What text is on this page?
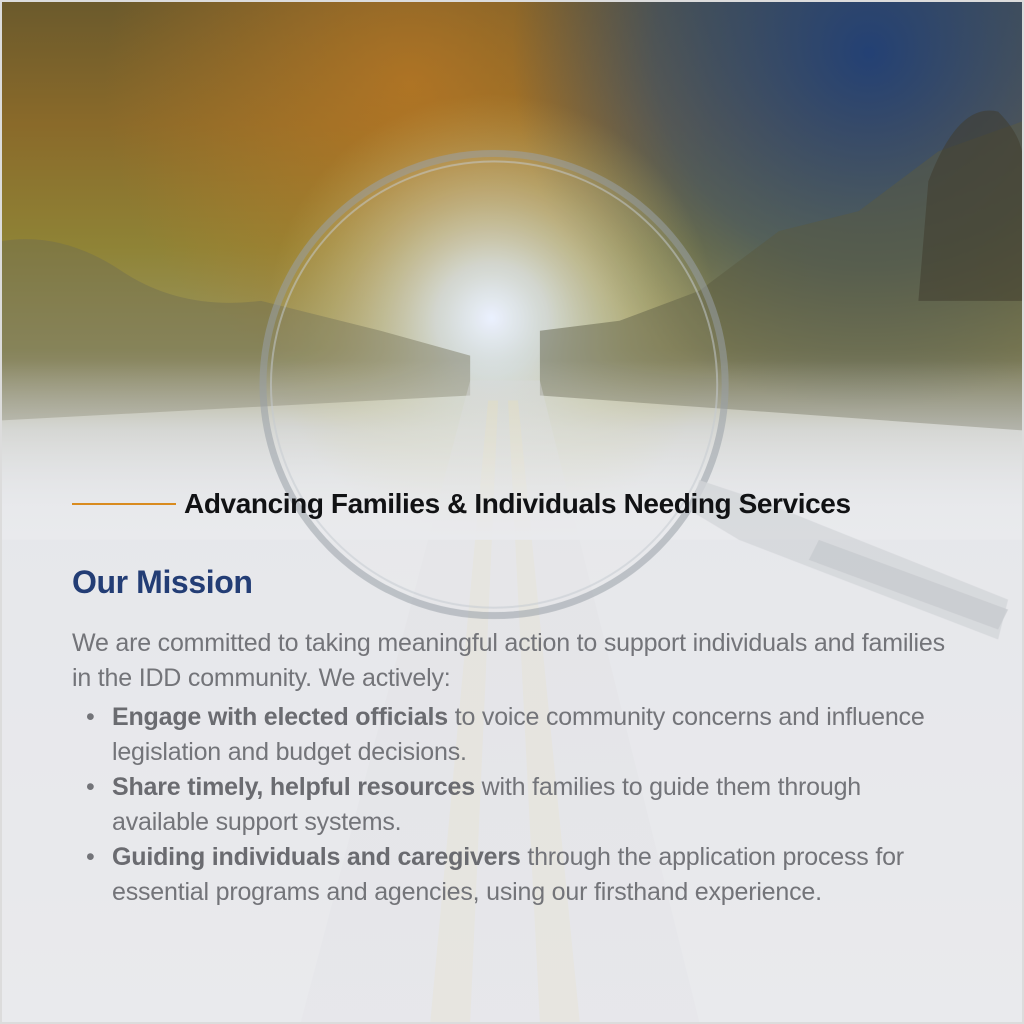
Advancing Families & Individuals Needing Services
Our Mission

We are committed to taking meaningful action to support individuals and families in the IDD community. We actively:

• Engage with elected officials to voice community concerns and influence legislation and budget decisions.
• Share timely, helpful resources with families to guide them through available support systems.
• Guiding individuals and caregivers through the application process for essential programs and agencies, using our firsthand experience.
